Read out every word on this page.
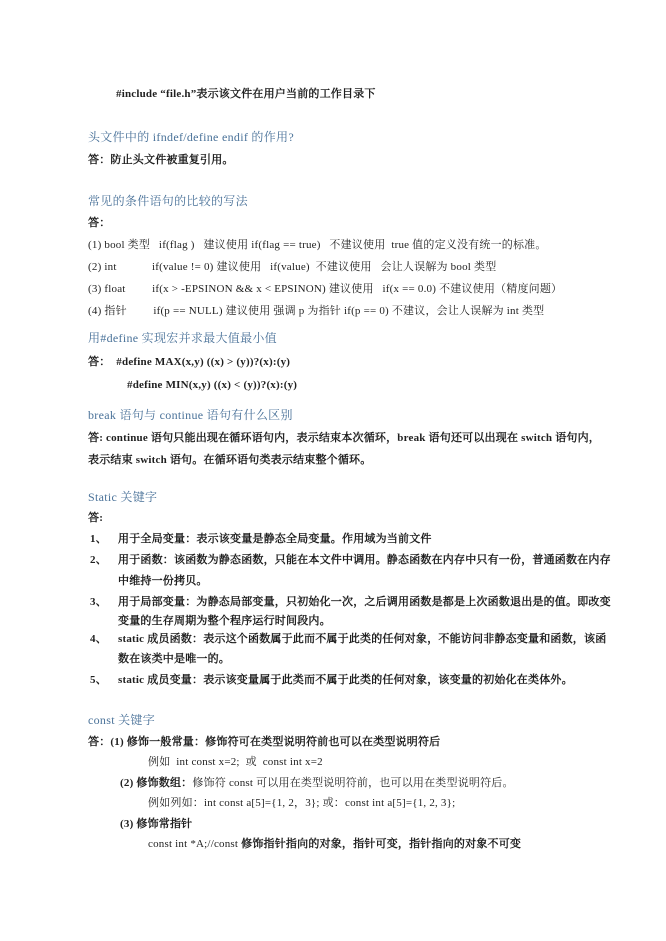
#include “file.h”表示该文件在用户当前的工作目录下
头文件中的 ifndef/define endif 的作用?
答：防止头文件被重复引用。
常见的条件语句的比较的写法
答：
(1) bool 类型   if(flag )   建议使用 if(flag == true)   不建议使用  true 值的定义没有统一的标准。
(2) int            if(value != 0) 建议使用   if(value)  不建议使用   会让人误解为 bool 类型
(3) float         if(x > -EPSINON && x < EPSINON) 建议使用   if(x == 0.0) 不建议使用（精度问题）
(4) 指针         if(p == NULL) 建议使用 强调 p 为指针 if(p == 0) 不建议，会让人误解为 int 类型
用#define 实现宏并求最大值最小值
答：  #define MAX(x,y) ((x) > (y))?(x):(y)
#define MIN(x,y) ((x) < (y))?(x):(y)
break 语句与 continue 语句有什么区别
答: continue 语句只能出现在循环语句内，表示结束本次循环，break 语句还可以出现在 switch 语句内，
表示结束 switch 语句。在循环语句类表示结束整个循环。
Static 关键字
答:
1、 用于全局变量：表示该变量是静态全局变量。作用域为当前文件
2、 用于函数：该函数为静态函数，只能在本文件中调用。静态函数在内存中只有一份，普通函数在内存
中维持一份拷贝。
3、 用于局部变量：为静态局部变量，只初始化一次，之后调用函数是都是上次函数退出是的值。即改变
变量的生存周期为整个程序运行时间段内。
4、 static 成员函数：表示这个函数属于此而不属于此类的任何对象，不能访问非静态变量和函数，该函
数在该类中是唯一的。
5、 static 成员变量：表示该变量属于此类而不属于此类的任何对象，该变量的初始化在类体外。
const 关键字
答：(1) 修饰一般常量：修饰符可在类型说明符前也可以在类型说明符后
例如  int const x=2;  或  const int x=2
(2) 修饰数组：修饰符 const 可以用在类型说明符前，也可以用在类型说明符后。
例如列如：int const a[5]={1, 2，3}; 或：const int a[5]={1, 2, 3};
(3) 修饰常指针
const int *A;//const 修饰指针指向的对象，指针可变，指针指向的对象不可变
